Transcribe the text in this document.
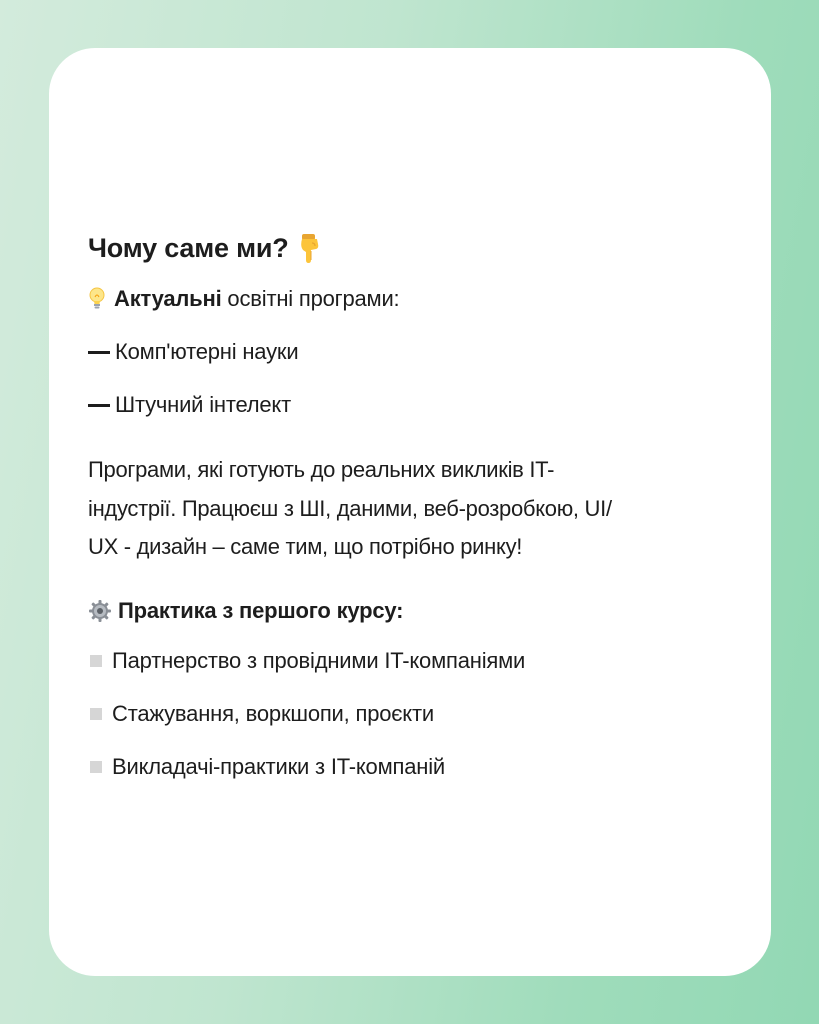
Чому саме ми?
Актуальні освітні програми:
Комп'ютерні науки
Штучний інтелект
Програми, які готують до реальних викликів IT-
індустрії. Працюєш з ШІ, даними, веб-розробкою, UI/
UX - дизайн – саме тим, що потрібно ринку!
Практика з першого курсу:
Партнерство з провідними IT-компаніями
Стажування, воркшопи, проєкти
Викладачі-практики з IT-компаній
